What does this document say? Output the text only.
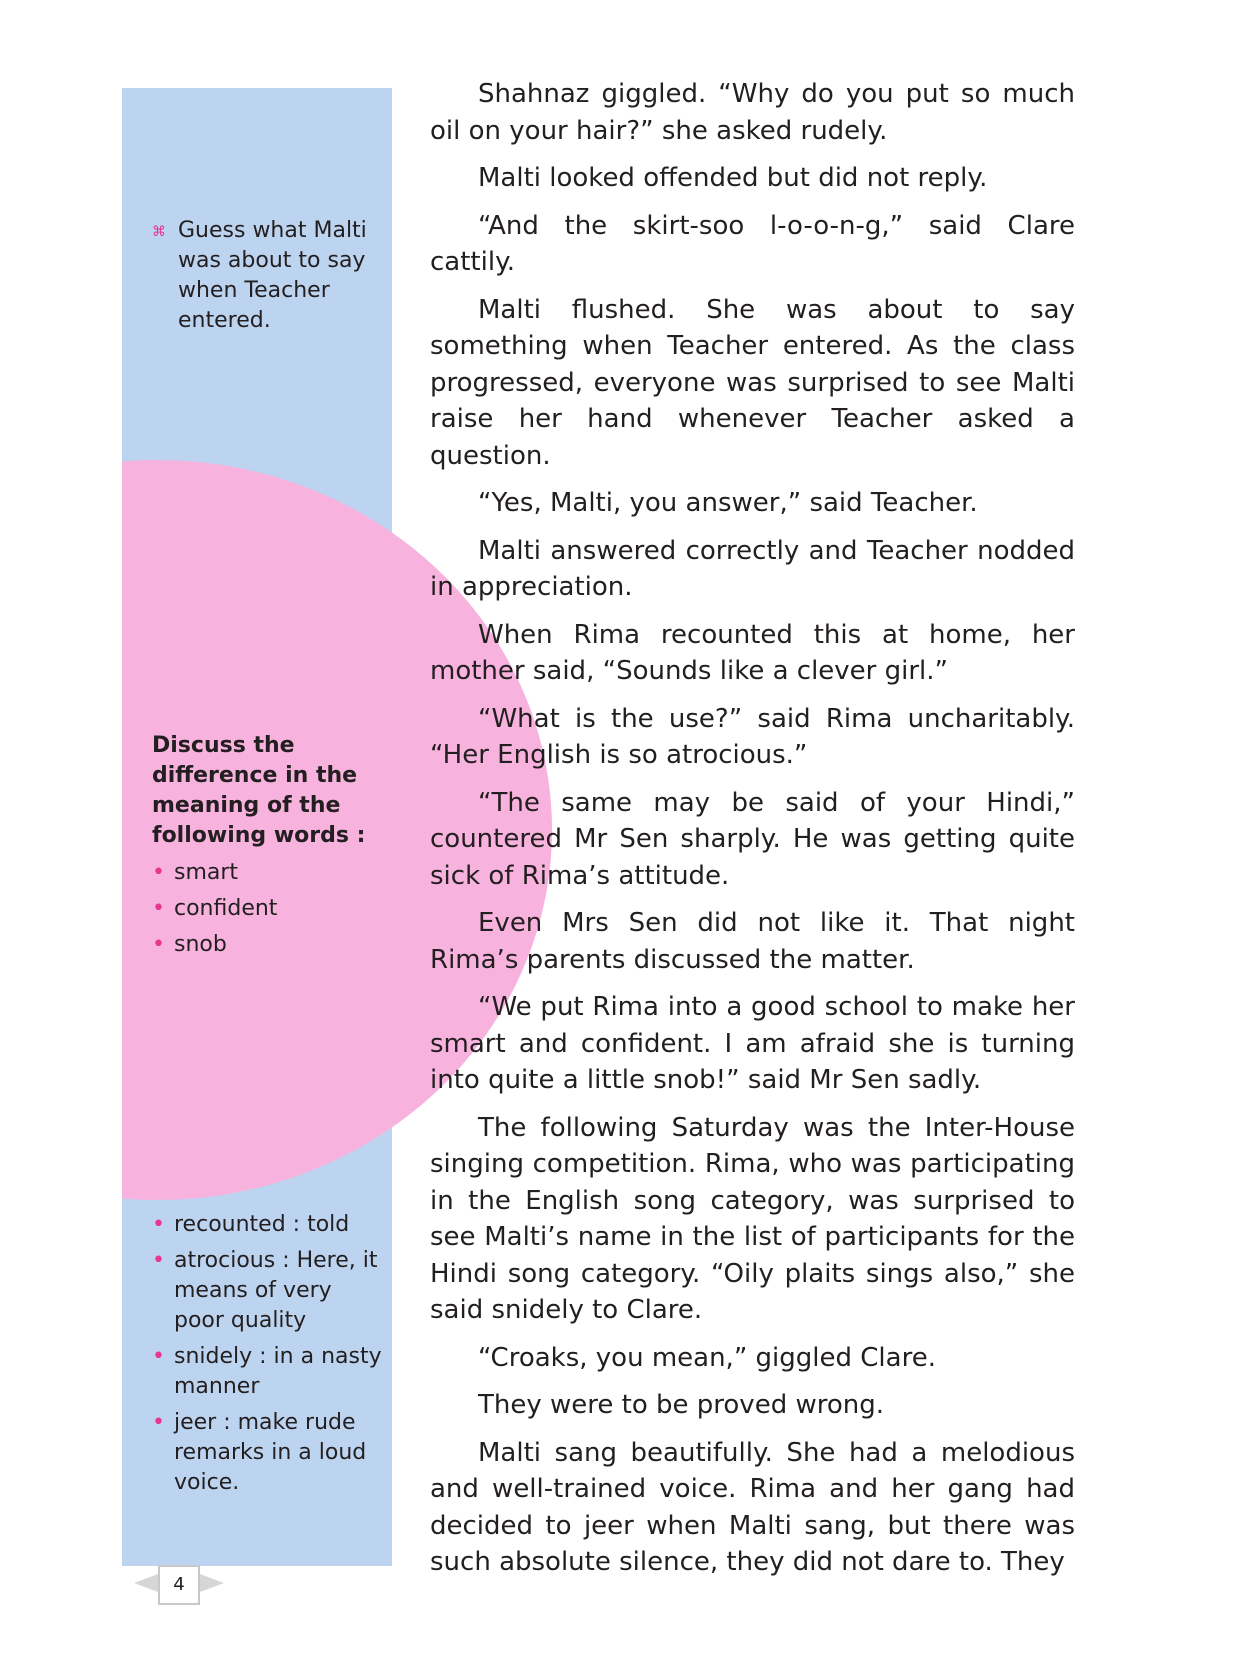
⌘ Guess what Malti was about to say when Teacher entered.

Discuss the difference in the meaning of the following words :

• smart
• confident
• snob
• recounted : told
• atrocious : Here, it means of very poor quality
• snidely : in a nasty manner
• jeer : make rude remarks in a loud voice.

Shahnaz giggled. “Why do you put so much oil on your hair?” she asked rudely.

Malti looked offended but did not reply.

“And the skirt-soo l-o-o-n-g,” said Clare cattily.

Malti flushed. She was about to say something when Teacher entered. As the class progressed, everyone was surprised to see Malti raise her hand whenever Teacher asked a question.

“Yes, Malti, you answer,” said Teacher.

Malti answered correctly and Teacher nodded in appreciation.

When Rima recounted this at home, her mother said, “Sounds like a clever girl.”

“What is the use?” said Rima uncharitably. “Her English is so atrocious.”

“The same may be said of your Hindi,” countered Mr Sen sharply. He was getting quite sick of Rima’s attitude.

Even Mrs Sen did not like it. That night Rima’s parents discussed the matter.

“We put Rima into a good school to make her smart and confident. I am afraid she is turning into quite a little snob!” said Mr Sen sadly.

The following Saturday was the Inter-House singing competition. Rima, who was participating in the English song category, was surprised to see Malti’s name in the list of participants for the Hindi song category. “Oily plaits sings also,” she said snidely to Clare.

“Croaks, you mean,” giggled Clare.

They were to be proved wrong.

Malti sang beautifully. She had a melodious and well-trained voice. Rima and her gang had decided to jeer when Malti sang, but there was such absolute silence, they did not dare to. They

4
